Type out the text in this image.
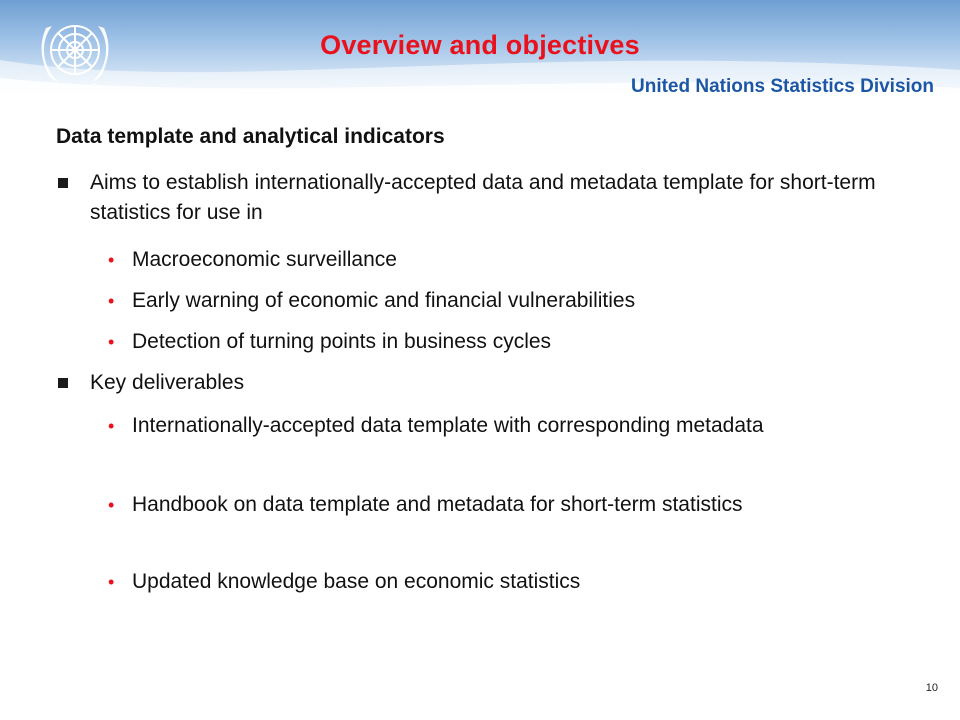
Overview and objectives
United Nations Statistics Division
Data template and analytical indicators
Aims to establish internationally-accepted data and metadata template for short-term statistics for use in
• Macroeconomic surveillance
• Early warning of economic and financial vulnerabilities
• Detection of turning points in business cycles
Key deliverables
• Internationally-accepted data template with corresponding metadata
• Handbook on data template and metadata for short-term statistics
• Updated knowledge base on economic statistics
10
